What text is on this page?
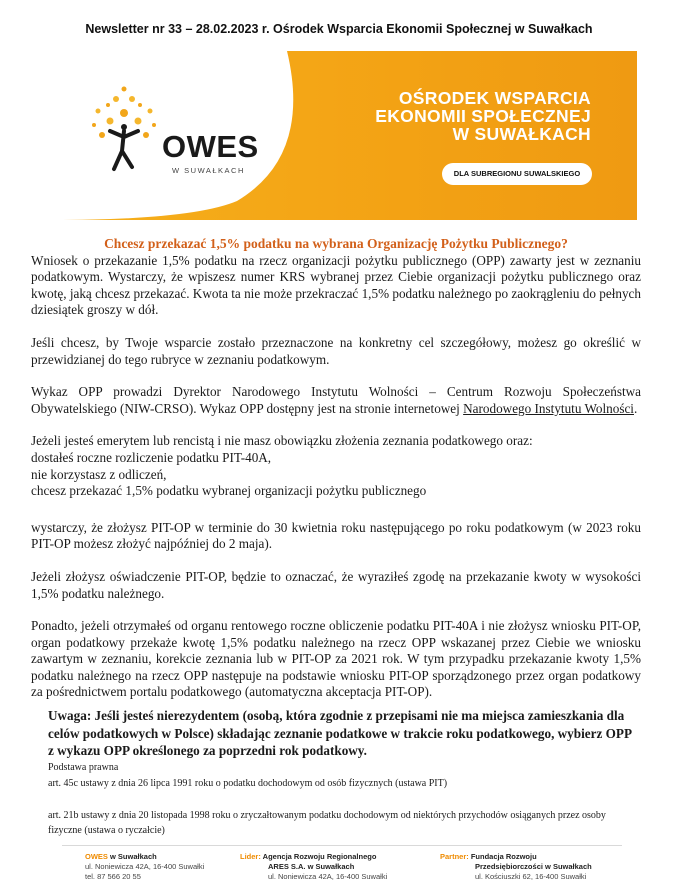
Newsletter nr 33 – 28.02.2023 r. Ośrodek Wsparcia Ekonomii Społecznej w Suwałkach
OWES
W SUWAŁKACH
OŚRODEK WSPARCIA
EKONOMII SPOŁECZNEJ
W SUWAŁKACH
DLA SUBREGIONU SUWALSKIEGO

Chcesz przekazać 1,5% podatku na wybrana Organizację Pożytku Publicznego?

Wniosek o przekazanie 1,5% podatku na rzecz organizacji pożytku publicznego (OPP) zawarty jest w zeznaniu podatkowym. Wystarczy, że wpiszesz numer KRS wybranej przez Ciebie organizacji pożytku publicznego oraz kwotę, jaką chcesz przekazać. Kwota ta nie może przekraczać 1,5% podatku należnego po zaokrągleniu do pełnych dziesiątek groszy w dół.

Jeśli chcesz, by Twoje wsparcie zostało przeznaczone na konkretny cel szczegółowy, możesz go określić w przewidzianej do tego rubryce w zeznaniu podatkowym.

Wykaz OPP prowadzi Dyrektor Narodowego Instytutu Wolności – Centrum Rozwoju Społeczeństwa Obywatelskiego (NIW-CRSO). Wykaz OPP dostępny jest na stronie internetowej Narodowego Instytutu Wolności.

Jeżeli jesteś emerytem lub rencistą i nie masz obowiązku złożenia zeznania podatkowego oraz:

dostałeś roczne rozliczenie podatku PIT-40A,

nie korzystasz z odliczeń,

chcesz przekazać 1,5% podatku wybranej organizacji pożytku publicznego

wystarczy, że złożysz PIT-OP w terminie do 30 kwietnia roku następującego po roku podatkowym (w 2023 roku PIT-OP możesz złożyć najpóźniej do 2 maja).

Jeżeli złożysz oświadczenie PIT-OP, będzie to oznaczać, że wyraziłeś zgodę na przekazanie kwoty w wysokości 1,5% podatku należnego.

Ponadto, jeżeli otrzymałeś od organu rentowego roczne obliczenie podatku PIT-40A i nie złożysz wniosku PIT-OP, organ podatkowy przekaże kwotę 1,5% podatku należnego na rzecz OPP wskazanej przez Ciebie we wniosku zawartym w zeznaniu, korekcie zeznania lub w PIT-OP za 2021 rok. W tym przypadku przekazanie kwoty 1,5% podatku należnego na rzecz OPP następuje na podstawie wniosku PIT-OP sporządzonego przez organ podatkowy za pośrednictwem portalu podatkowego (automatyczna akceptacja PIT-OP).

Uwaga: Jeśli jesteś nierezydentem (osobą, która zgodnie z przepisami nie ma miejsca zamieszkania dla celów podatkowych w Polsce) składając zeznanie podatkowe w trakcie roku podatkowego, wybierz OPP z wykazu OPP określonego za poprzedni rok podatkowy.
Podstawa prawna
art. 45c ustawy z dnia 26 lipca 1991 roku o podatku dochodowym od osób fizycznych (ustawa PIT)
art. 21b ustawy z dnia 20 listopada 1998 roku o zryczałtowanym podatku dochodowym od niektórych przychodów osiąganych przez osoby fizyczne (ustawa o ryczałcie)
OWES w Suwałkach
ul. Noniewicza 42A, 16-400 Suwałki
tel. 87 566 20 55
Lider: Agencja Rozwoju Regionalnego
ARES S.A. w Suwałkach
ul. Noniewicza 42A, 16-400 Suwałki
Partner: Fundacja Rozwoju
Przedsiębiorczości w Suwałkach
ul. Kościuszki 62, 16-400 Suwałki
